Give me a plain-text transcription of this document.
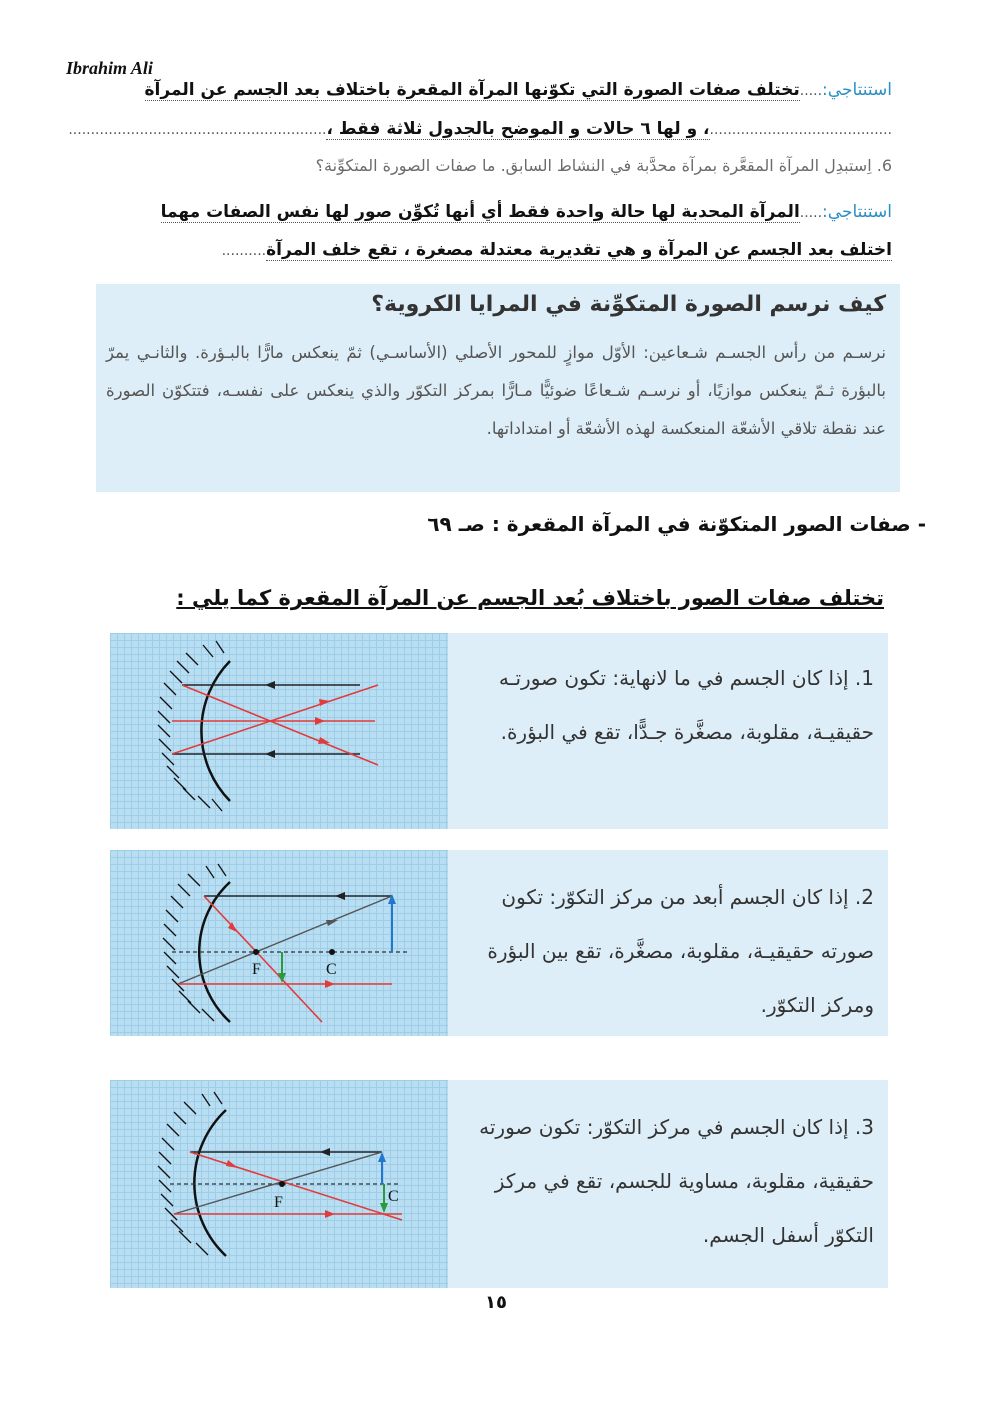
Ibrahim Ali
استنتاجي:.....تختلف صفات الصورة التي تكوّنها المرآة المقعرة باختلاف بعد الجسم عن المرآة
.........................................، و لها ٦ حالات و الموضح بالجدول ثلاثة فقط ،..........................................................
6. اِستبدِل المرآة المقعَّرة بمرآة محدَّبة في النشاط السابق. ما صفات الصورة المتكوِّنة؟
استنتاجي:.....المرآة المحدبة لها حالة واحدة فقط أي أنها تُكوِّن صور لها نفس الصفات مهما
اختلف بعد الجسم عن المرآة و هي تقديرية معتدلة مصغرة ، تقع خلف المرآة..........
كيف نرسم الصورة المتكوِّنة في المرايا الكروية؟
نرسـم من رأس الجسـم شـعاعين: الأوّل موازٍ للمحور الأصلي (الأساسـي) ثمّ ينعكس مارًّا بالبـؤرة. والثانـي يمرّ بالبؤرة ثـمّ ينعكس موازيًا، أو نرسـم شـعاعًا ضوئيًّا مـارًّا بمركز التكوّر والذي ينعكس على نفسـه، فتتكوّن الصورة عند نقطة تلاقي الأشعّة المنعكسة لهذه الأشعّة أو امتداداتها.
- صفات الصور المتكوّنة في المرآة المقعرة : صـ ٦٩
تختلف صفات الصور باختلاف بُعد الجسم عن المرآة المقعرة كما يلي :
1. إذا كان الجسم في ما لانهاية: تكون صورتـه حقيقيـة، مقلوبة، مصغَّرة جـدًّا، تقع في البؤرة.
F	C
2. إذا كان الجسم أبعد من مركز التكوّر: تكون صورته حقيقيـة، مقلوبة، مصغَّرة، تقع بين البؤرة ومركز التكوّر.
F	C
3. إذا كان الجسم في مركز التكوّر: تكون صورته حقيقية، مقلوبة، مساوية للجسم، تقع في مركز التكوّر أسفل الجسم.
١٥
